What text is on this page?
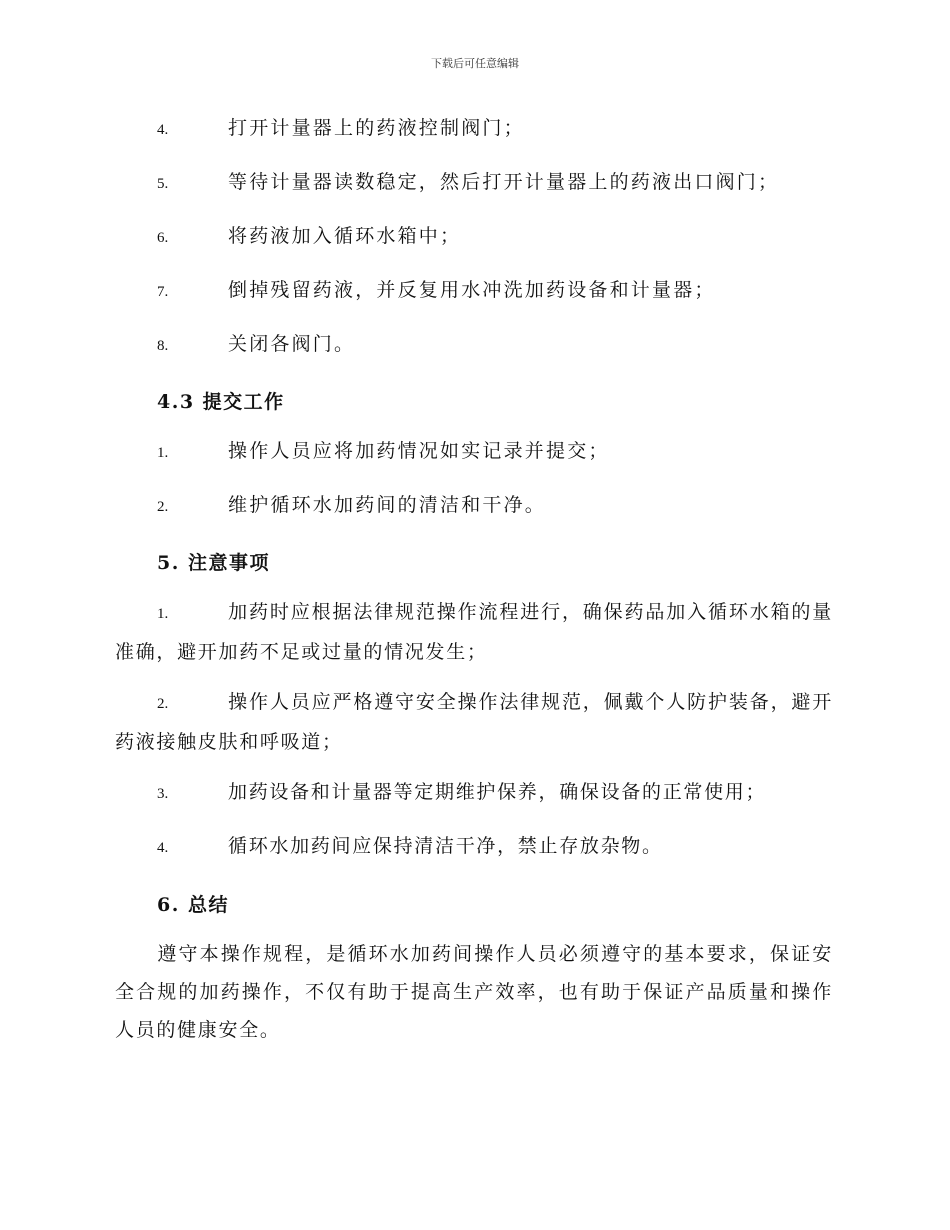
下载后可任意编辑
4.	打开计量器上的药液控制阀门；
5.	等待计量器读数稳定，然后打开计量器上的药液出口阀门；
6.	将药液加入循环水箱中；
7.	倒掉残留药液，并反复用水冲洗加药设备和计量器；
8.	关闭各阀门。
4.3 提交工作
1.	操作人员应将加药情况如实记录并提交；
2.	维护循环水加药间的清洁和干净。
5. 注意事项
1.	加药时应根据法律规范操作流程进行，确保药品加入循环水箱的量准确，避开加药不足或过量的情况发生；
2.	操作人员应严格遵守安全操作法律规范，佩戴个人防护装备，避开药液接触皮肤和呼吸道；
3.	加药设备和计量器等定期维护保养，确保设备的正常使用；
4.	循环水加药间应保持清洁干净，禁止存放杂物。
6. 总结
遵守本操作规程，是循环水加药间操作人员必须遵守的基本要求，保证安全合规的加药操作，不仅有助于提高生产效率，也有助于保证产品质量和操作人员的健康安全。
